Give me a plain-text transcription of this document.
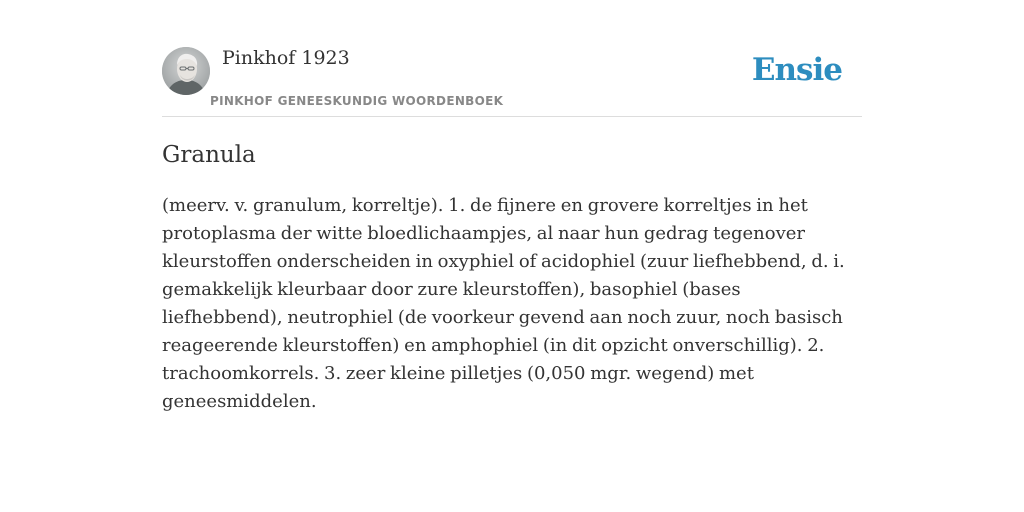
Pinkhof 1923
PINKHOF GENEESKUNDIG WOORDENBOEK
Ensie
Granula

(meerv. v. granulum, korreltje). 1. de fijnere en grovere korreltjes in het protoplasma der witte bloedlichaampjes, al naar hun gedrag tegenover kleurstoffen onderscheiden in oxyphiel of acidophiel (zuur liefhebbend, d. i. gemakkelijk kleurbaar door zure kleurstoffen), basophiel (bases liefhebbend), neutrophiel (de voorkeur gevend aan noch zuur, noch basisch reageerende kleurstoffen) en amphophiel (in dit opzicht onverschillig). 2. trachoomkorrels. 3. zeer kleine pilletjes (0,050 mgr. wegend) met geneesmiddelen.
